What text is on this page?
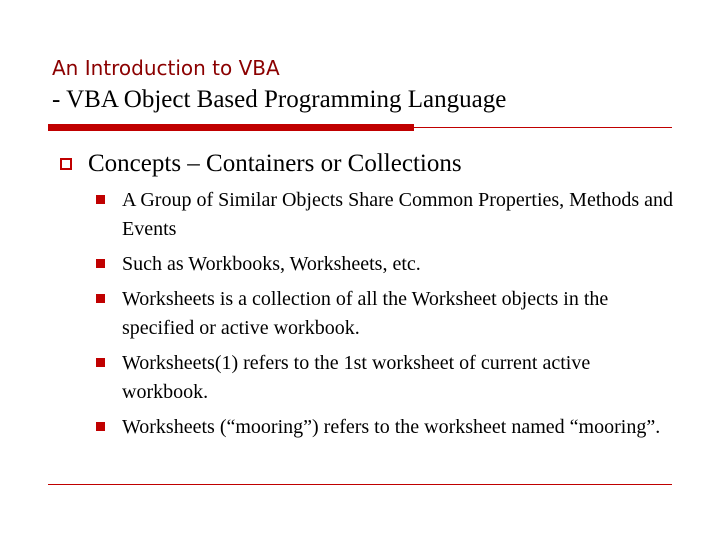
An Introduction to VBA
- VBA Object Based Programming Language
Concepts – Containers or Collections
A Group of Similar Objects Share Common Properties, Methods and Events
Such as Workbooks, Worksheets, etc.
Worksheets is a collection of all the Worksheet objects in the specified or active workbook.
Worksheets(1) refers to the 1st worksheet of current active workbook.
Worksheets (“mooring”) refers to the worksheet named “mooring”.
